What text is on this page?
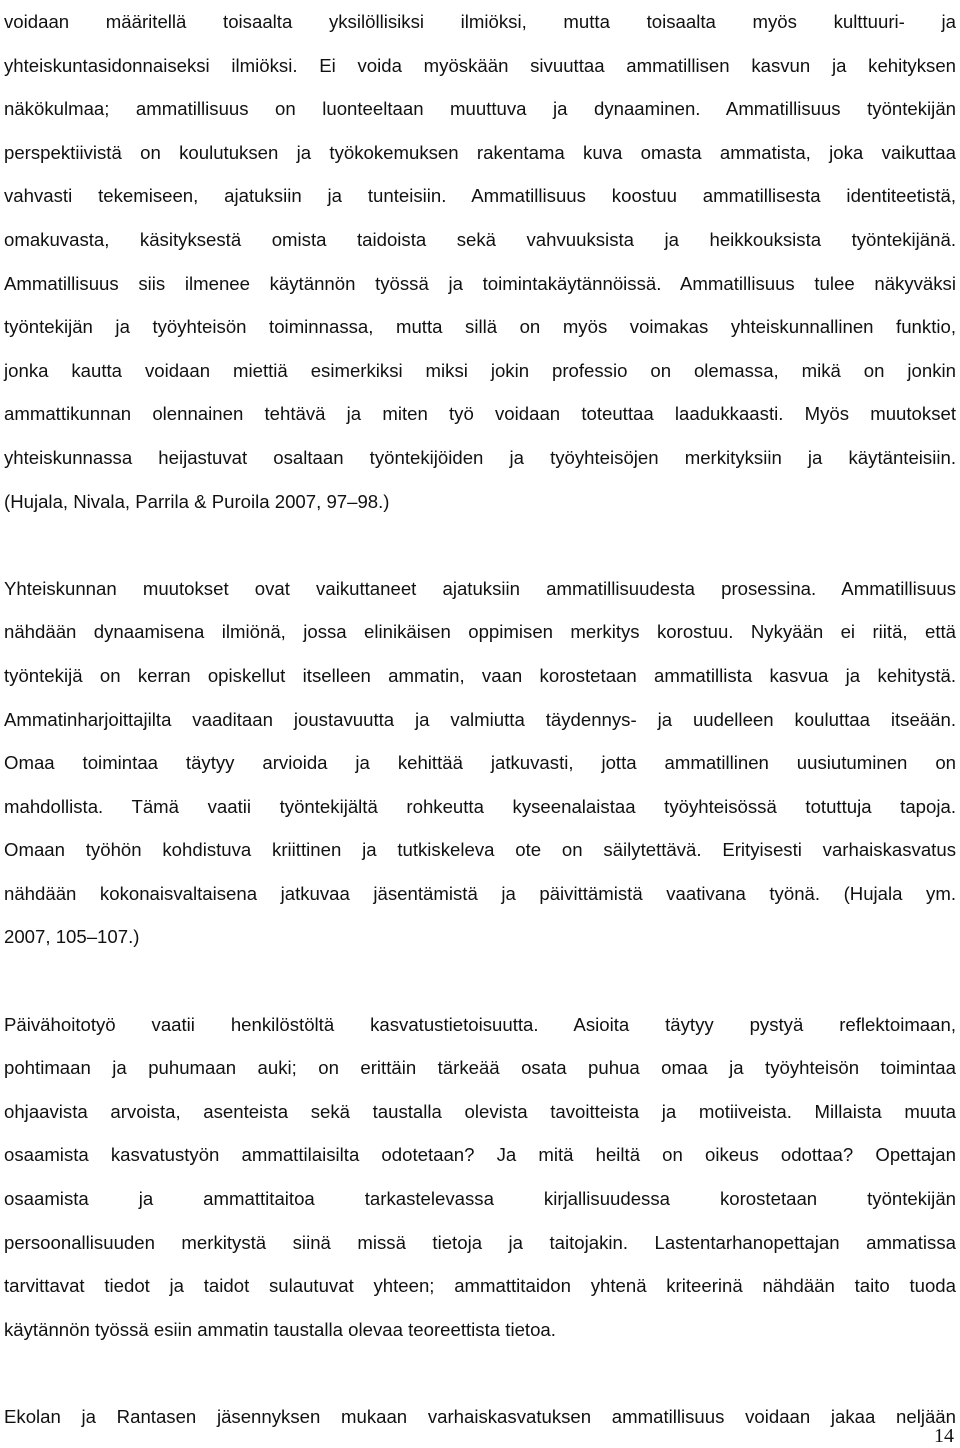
voidaan määritellä toisaalta yksilöllisiksi ilmiöksi, mutta toisaalta myös kulttuuri- ja
yhteiskuntasidonnaiseksi ilmiöksi. Ei voida myöskään sivuuttaa ammatillisen kasvun ja kehityksen
näkökulmaa; ammatillisuus on luonteeltaan muuttuva ja dynaaminen. Ammatillisuus työntekijän
perspektiivistä on koulutuksen ja työkokemuksen rakentama kuva omasta ammatista, joka vaikuttaa
vahvasti tekemiseen, ajatuksiin ja tunteisiin. Ammatillisuus koostuu ammatillisesta identiteetistä,
omakuvasta, käsityksestä omista taidoista sekä vahvuuksista ja heikkouksista työntekijänä.
Ammatillisuus siis ilmenee käytännön työssä ja toimintakäytännöissä. Ammatillisuus tulee näkyväksi
työntekijän ja työyhteisön toiminnassa, mutta sillä on myös voimakas yhteiskunnallinen funktio,
jonka kautta voidaan miettiä esimerkiksi miksi jokin professio on olemassa, mikä on jonkin
ammattikunnan olennainen tehtävä ja miten työ voidaan toteuttaa laadukkaasti. Myös muutokset
yhteiskunnassa heijastuvat osaltaan työntekijöiden ja työyhteisöjen merkityksiin ja käytänteisiin.
(Hujala, Nivala, Parrila & Puroila 2007, 97–98.)
Yhteiskunnan muutokset ovat vaikuttaneet ajatuksiin ammatillisuudesta prosessina. Ammatillisuus
nähdään dynaamisena ilmiönä, jossa elinikäisen oppimisen merkitys korostuu. Nykyään ei riitä, että
työntekijä on kerran opiskellut itselleen ammatin, vaan korostetaan ammatillista kasvua ja kehitystä.
Ammatinharjoittajilta vaaditaan joustavuutta ja valmiutta täydennys- ja uudelleen kouluttaa itseään.
Omaa toimintaa täytyy arvioida ja kehittää jatkuvasti, jotta ammatillinen uusiutuminen on
mahdollista. Tämä vaatii työntekijältä rohkeutta kyseenalaistaa työyhteisössä totuttuja tapoja.
Omaan työhön kohdistuva kriittinen ja tutkiskeleva ote on säilytettävä. Erityisesti varhaiskasvatus
nähdään kokonaisvaltaisena jatkuvaa jäsentämistä ja päivittämistä vaativana työnä. (Hujala ym.
2007, 105–107.)
Päivähoitotyö vaatii henkilöstöltä kasvatustietoisuutta. Asioita täytyy pystyä reflektoimaan,
pohtimaan ja puhumaan auki; on erittäin tärkeää osata puhua omaa ja työyhteisön toimintaa
ohjaavista arvoista, asenteista sekä taustalla olevista tavoitteista ja motiiveista. Millaista muuta
osaamista kasvatustyön ammattilaisilta odotetaan? Ja mitä heiltä on oikeus odottaa? Opettajan
osaamista ja ammattitaitoa tarkastelevassa kirjallisuudessa korostetaan työntekijän
persoonallisuuden merkitystä siinä missä tietoja ja taitojakin. Lastentarhanopettajan ammatissa
tarvittavat tiedot ja taidot sulautuvat yhteen; ammattitaidon yhtenä kriteerinä nähdään taito tuoda
käytännön työssä esiin ammatin taustalla olevaa teoreettista tietoa.
Ekolan ja Rantasen jäsennyksen mukaan varhaiskasvatuksen ammatillisuus voidaan jakaa neljään
14
